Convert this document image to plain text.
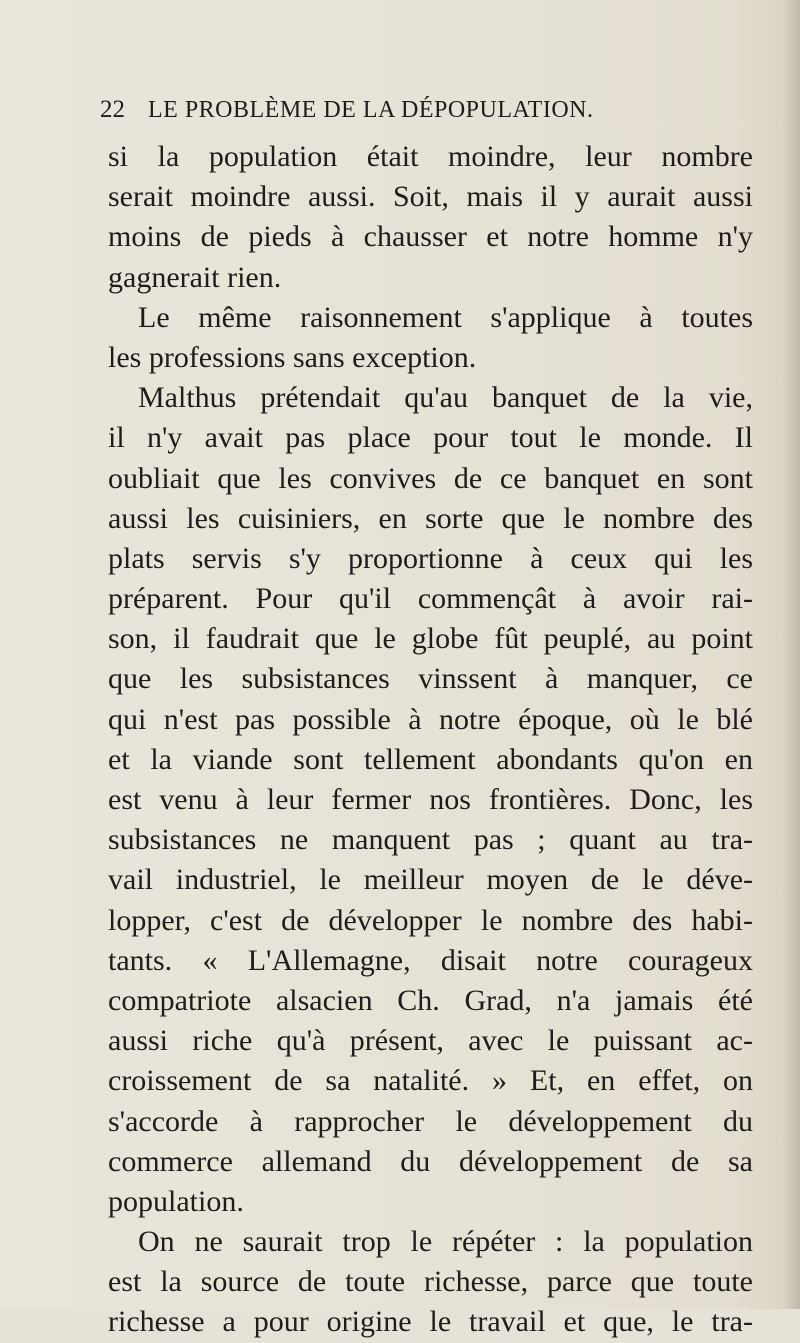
22 LE PROBLÈME DE LA DÉPOPULATION.
si la population était moindre, leur nombre
serait moindre aussi. Soit, mais il y aurait aussi
moins de pieds à chausser et notre homme n'y
gagnerait rien.
Le même raisonnement s'applique à toutes
les professions sans exception.
Malthus prétendait qu'au banquet de la vie,
il n'y avait pas place pour tout le monde. Il
oubliait que les convives de ce banquet en sont
aussi les cuisiniers, en sorte que le nombre des
plats servis s'y proportionne à ceux qui les
préparent. Pour qu'il commençât à avoir rai-
son, il faudrait que le globe fût peuplé, au point
que les subsistances vinssent à manquer, ce
qui n'est pas possible à notre époque, où le blé
et la viande sont tellement abondants qu'on en
est venu à leur fermer nos frontières. Donc, les
subsistances ne manquent pas ; quant au tra-
vail industriel, le meilleur moyen de le déve-
lopper, c'est de développer le nombre des habi-
tants. « L'Allemagne, disait notre courageux
compatriote alsacien Ch. Grad, n'a jamais été
aussi riche qu'à présent, avec le puissant ac-
croissement de sa natalité. » Et, en effet, on
s'accorde à rapprocher le développement du
commerce allemand du développement de sa
population.
On ne saurait trop le répéter : la population
est la source de toute richesse, parce que toute
richesse a pour origine le travail et que, le tra-
